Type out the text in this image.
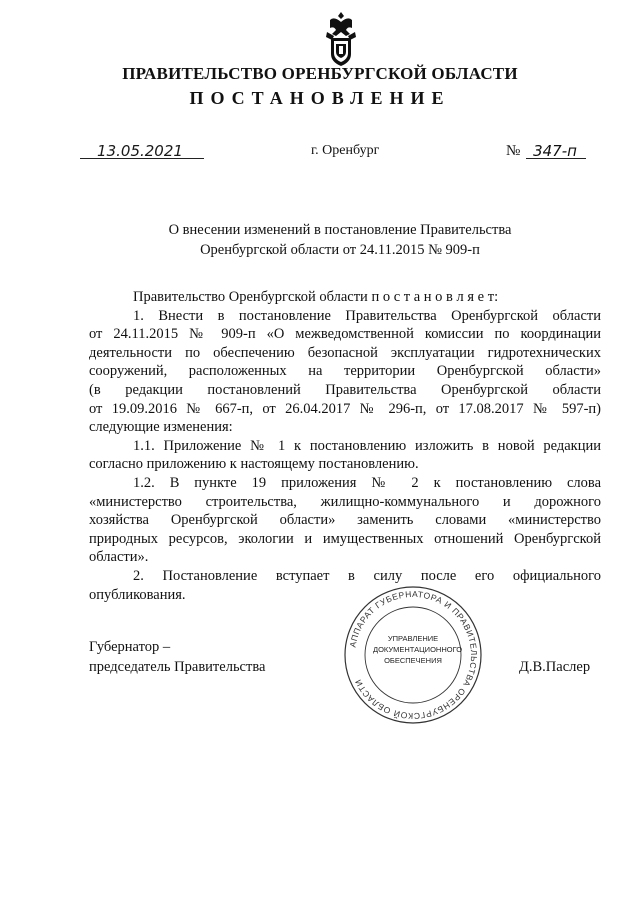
ПРАВИТЕЛЬСТВО ОРЕНБУРГСКОЙ ОБЛАСТИ
ПОСТАНОВЛЕНИЕ
13.05.2021	г. Оренбург	№ 347-п
О внесении изменений в постановление Правительства
Оренбургской области от 24.11.2015 № 909-п
Правительство Оренбургской области п о с т а н о в л я е т:
1. Внести в постановление Правительства Оренбургской области
от 24.11.2015 № 909-п «О межведомственной комиссии по координации
деятельности по обеспечению безопасной эксплуатации гидротехнических
сооружений, расположенных на территории Оренбургской области»
(в редакции постановлений Правительства Оренбургской области
от 19.09.2016 № 667-п, от 26.04.2017 № 296-п, от 17.08.2017 № 597-п)
следующие изменения:
1.1. Приложение № 1 к постановлению изложить в новой редакции
согласно приложению к настоящему постановлению.
1.2. В пункте 19 приложения № 2 к постановлению слова
«министерство строительства, жилищно-коммунального и дорожного
хозяйства Оренбургской области» заменить словами «министерство
природных ресурсов, экологии и имущественных отношений Оренбургской
области».
2. Постановление вступает в силу после его официального
опубликования.
Губернатор –
председатель Правительства	Д.В.Паслер
АППАРАТ ГУБЕРНАТОРА И ПРАВИТЕЛЬСТВА ОРЕНБУРГСКОЙ ОБЛАСТИ
УПРАВЛЕНИЕ
ДОКУМЕНТАЦИОННОГО
ОБЕСПЕЧЕНИЯ
